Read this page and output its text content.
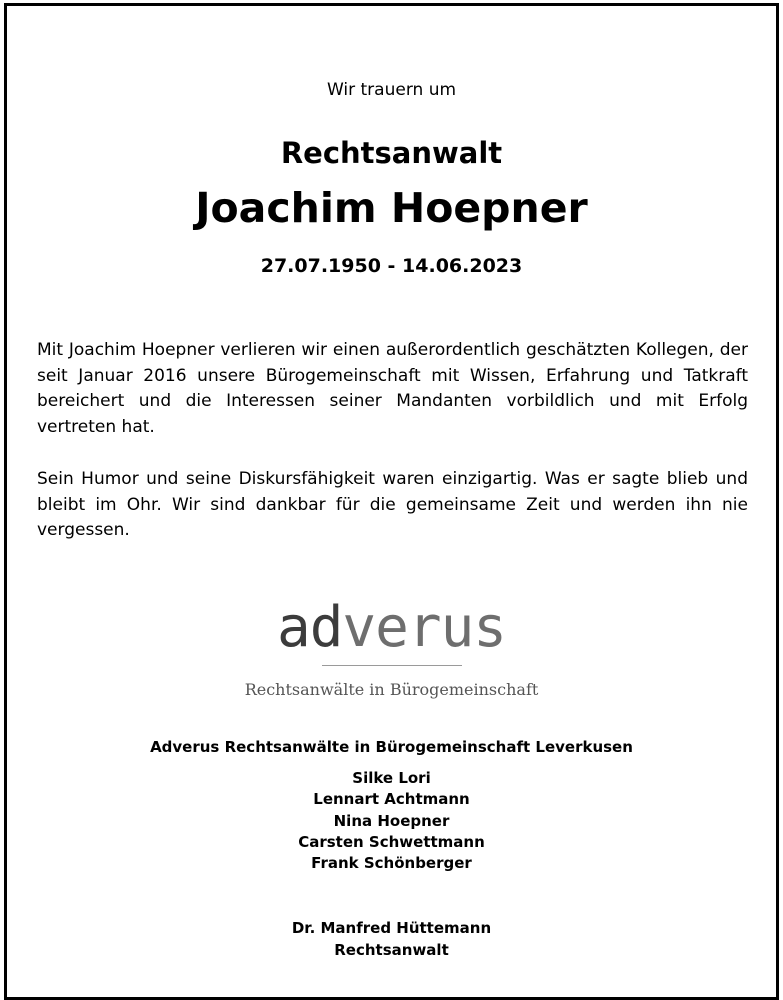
Wir trauern um
Rechtsanwalt
Joachim Hoepner
27.07.1950 - 14.06.2023

Mit Joachim Hoepner verlieren wir einen außerordentlich geschätzten Kollegen, der seit Januar 2016 unsere Bürogemeinschaft mit Wissen, Erfahrung und Tatkraft bereichert und die Interessen seiner Mandanten vorbildlich und mit Erfolg vertreten hat.

Sein Humor und seine Diskursfähigkeit waren einzigartig. Was er sagte blieb und bleibt im Ohr. Wir sind dankbar für die gemeinsame Zeit und werden ihn nie vergessen.

adverus
Rechtsanwälte in Bürogemeinschaft
Adverus Rechtsanwälte in Bürogemeinschaft Leverkusen
Silke Lori
Lennart Achtmann
Nina Hoepner
Carsten Schwettmann
Frank Schönberger
Dr. Manfred Hüttemann
Rechtsanwalt
